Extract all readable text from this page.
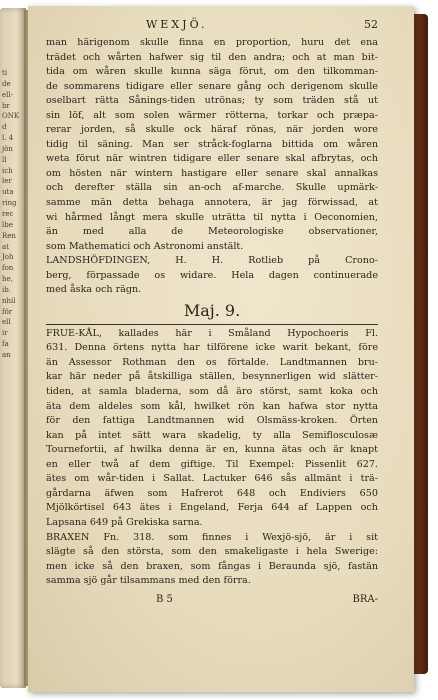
ti
de
ell-
br
ONK
d
l. 4
jön
ll
ich
ler
uta
ring
rec
lbe
Ren
at
Joh
fon
he,
ib.
nhil
för
ell
ir
fa
an
WEXJÖ.	52
man härigenom skulle finna en proportion, huru det ena
trädet och wårten hafwer sig til den andra; och at man bit-
tida om wåren skulle kunna säga förut, om den tilkomman-
de sommarens tidigare eller senare gång och derigenom skulle
oselbart rätta Sånings-tiden utrönas; ty som träden stå ut
sin löf, alt som solen wärmer rötterna, torkar och præpa-
rerar jorden, så skulle ock häraf rönas, när jorden wore
tidig til säning. Man ser stråck-foglarna bittida om wåren
weta förut när wintren tidigare eller senare skal afbrytas, och
om hösten när wintern hastigare eller senare skal annalkas
och derefter ställa sin an-och af-marche. Skulle upmärk-
samme män detta behaga annotera, är jag förwissad, at
wi hårmed långt mera skulle uträtta til nytta i Oeconomien,
än med alla de Meteorologiske observationer,
som Mathematici och Astronomi anstält.
LANDSHÖFDINGEN, H. H. Rotlieb på Crono-
berg, förpassade os widare. Hela dagen continuerade
med åska och rägn.
Maj. 9.
FRUE-KÅL, kallades här i Småland Hypochoeris Fl.
631. Denna örtens nytta har tilförene icke warit bekant, före
än Assessor Rothman den os förtalde. Landtmannen bru-
kar här neder på åtskilliga ställen, besynnerligen wid slätter-
tiden, at samla bladerna, som då äro störst, samt koka och
äta dem aldeles som kål, hwilket rön kan hafwa stor nytta
för den fattiga Landtmannen wid Olsmäss-kroken. Örten
kan på intet sätt wara skadelig, ty alla Semiflosculosæ
Tournefortii, af hwilka denna är en, kunna ätas och är knapt
en eller twå af dem giftige. Til Exempel: Pissenlit 627.
ätes om wår-tiden i Sallat. Lactuker 646 sås allmänt i trä-
gårdarna äfwen som Hafrerot 648 och Endiviers 650
Mjölkörtisel 643 ätes i Engeland, Ferja 644 af Lappen och
Lapsana 649 på Grekiska sarna.
BRAXEN Fn. 318. som finnes i Wexjö-sjö, är i sit
slägte så den största, som den smakeligaste i hela Swerige:
men icke så den braxen, som fångas i Beraunda sjö, fastän
samma sjö går tilsammans med den förra.
B 5	BRA-
